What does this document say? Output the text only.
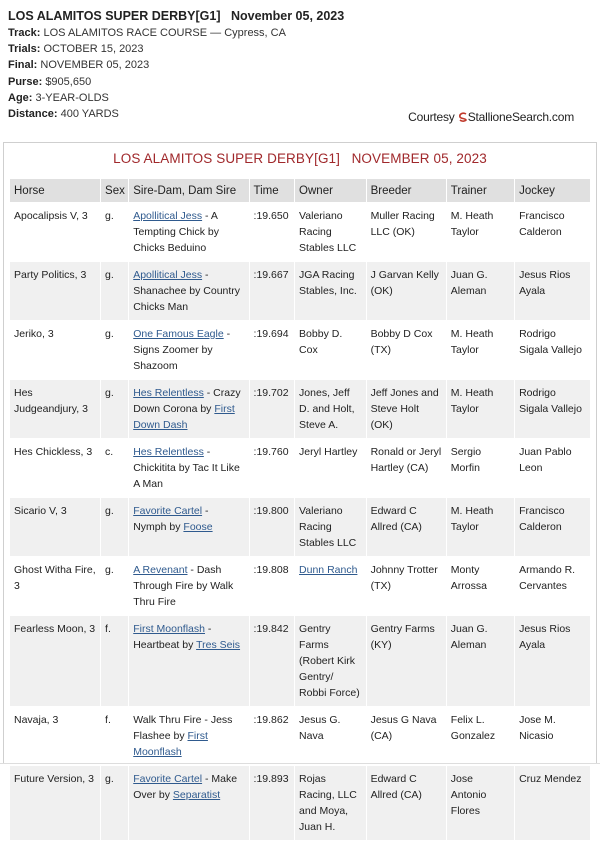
LOS ALAMITOS SUPER DERBY[G1] November 05, 2023
Track: LOS ALAMITOS RACE COURSE — Cypress, CA
Trials: OCTOBER 15, 2023
Final: NOVEMBER 05, 2023
Purse: $905,650
Age: 3-YEAR-OLDS
Distance: 400 YARDS	Courtesy StallioneSearch.com
LOS ALAMITOS SUPER DERBY[G1]   NOVEMBER 05, 2023
Horse	Sex	Sire-Dam, Dam Sire	Time	Owner	Breeder	Trainer	Jockey
Apocalipsis V, 3	g.	Apollitical Jess - A Tempting Chick by Chicks Beduino	:19.650	Valeriano Racing Stables LLC	Muller Racing LLC (OK)	M. Heath Taylor	Francisco Calderon
Party Politics, 3	g.	Apollitical Jess - Shanachee by Country Chicks Man	:19.667	JGA Racing Stables, Inc.	J Garvan Kelly (OK)	Juan G. Aleman	Jesus Rios Ayala
Jeriko, 3	g.	One Famous Eagle - Signs Zoomer by Shazoom	:19.694	Bobby D. Cox	Bobby D Cox (TX)	M. Heath Taylor	Rodrigo Sigala Vallejo
Hes Judgeandjury, 3	g.	Hes Relentless - Crazy Down Corona by First Down Dash	:19.702	Jones, Jeff D. and Holt, Steve A.	Jeff Jones and Steve Holt (OK)	M. Heath Taylor	Rodrigo Sigala Vallejo
Hes Chickless, 3	c.	Hes Relentless - Chickitita by Tac It Like A Man	:19.760	Jeryl Hartley	Ronald or Jeryl Hartley (CA)	Sergio Morfin	Juan Pablo Leon
Sicario V, 3	g.	Favorite Cartel - Nymph by Foose	:19.800	Valeriano Racing Stables LLC	Edward C Allred (CA)	M. Heath Taylor	Francisco Calderon
Ghost Witha Fire, 3	g.	A Revenant - Dash Through Fire by Walk Thru Fire	:19.808	Dunn Ranch	Johnny Trotter (TX)	Monty Arrossa	Armando R. Cervantes
Fearless Moon, 3	f.	First Moonflash - Heartbeat by Tres Seis	:19.842	Gentry Farms (Robert Kirk Gentry/ Robbi Force)	Gentry Farms (KY)	Juan G. Aleman	Jesus Rios Ayala
Navaja, 3	f.	Walk Thru Fire - Jess Flashee by First Moonflash	:19.862	Jesus G. Nava	Jesus G Nava (CA)	Felix L. Gonzalez	Jose M. Nicasio
Future Version, 3	g.	Favorite Cartel - Make Over by Separatist	:19.893	Rojas Racing, LLC and Moya, Juan H.	Edward C Allred (CA)	Jose Antonio Flores	Cruz Mendez
